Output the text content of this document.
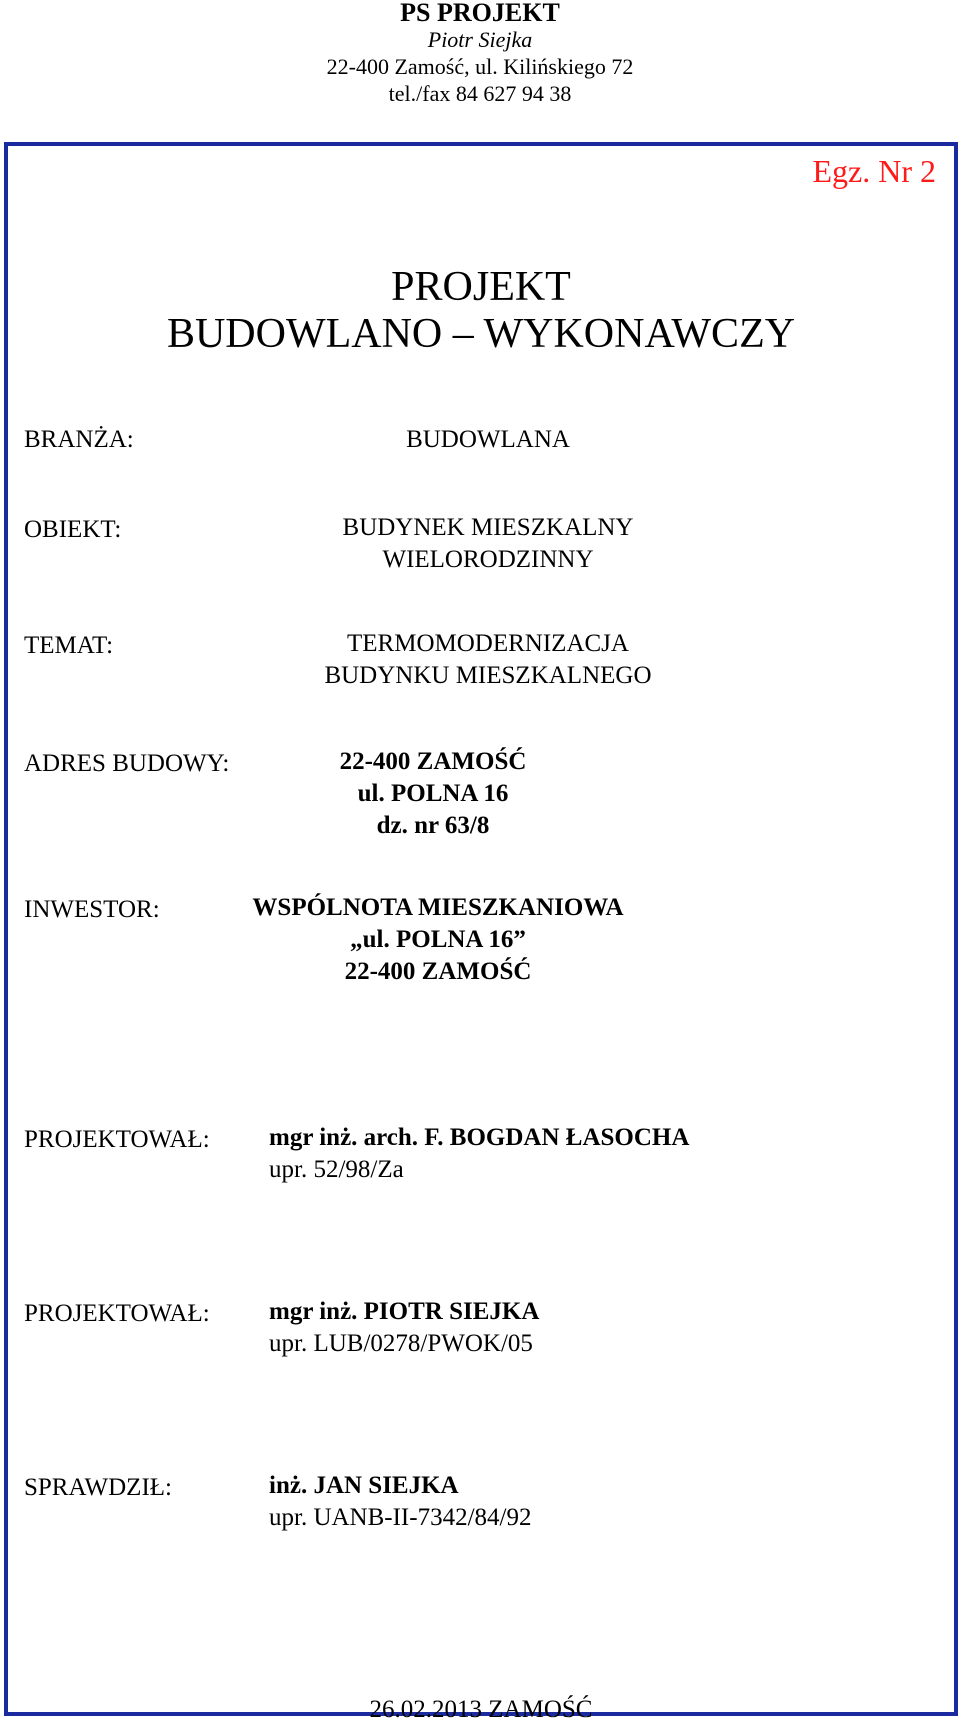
PS PROJEKT
Piotr Siejka
22-400 Zamość, ul. Kilińskiego 72
tel./fax 84 627 94 38
Egz. Nr 2
PROJEKT
BUDOWLANO – WYKONAWCZY
BRANŻA:	BUDOWLANA
OBIEKT:	BUDYNEK MIESZKALNY
WIELORODZINNY
TEMAT:	TERMOMODERNIZACJA
BUDYNKU MIESZKALNEGO
ADRES BUDOWY:	22-400 ZAMOŚĆ
ul. POLNA 16
dz. nr 63/8
INWESTOR:	WSPÓLNOTA MIESZKANIOWA
„ul. POLNA 16”
22-400 ZAMOŚĆ
PROJEKTOWAŁ: mgr inż. arch. F. BOGDAN ŁASOCHA
upr. 52/98/Za
PROJEKTOWAŁ: mgr inż. PIOTR SIEJKA
upr. LUB/0278/PWOK/05
SPRAWDZIŁ:	inż. JAN SIEJKA
upr. UANB-II-7342/84/92
26.02.2013 ZAMOŚĆ
